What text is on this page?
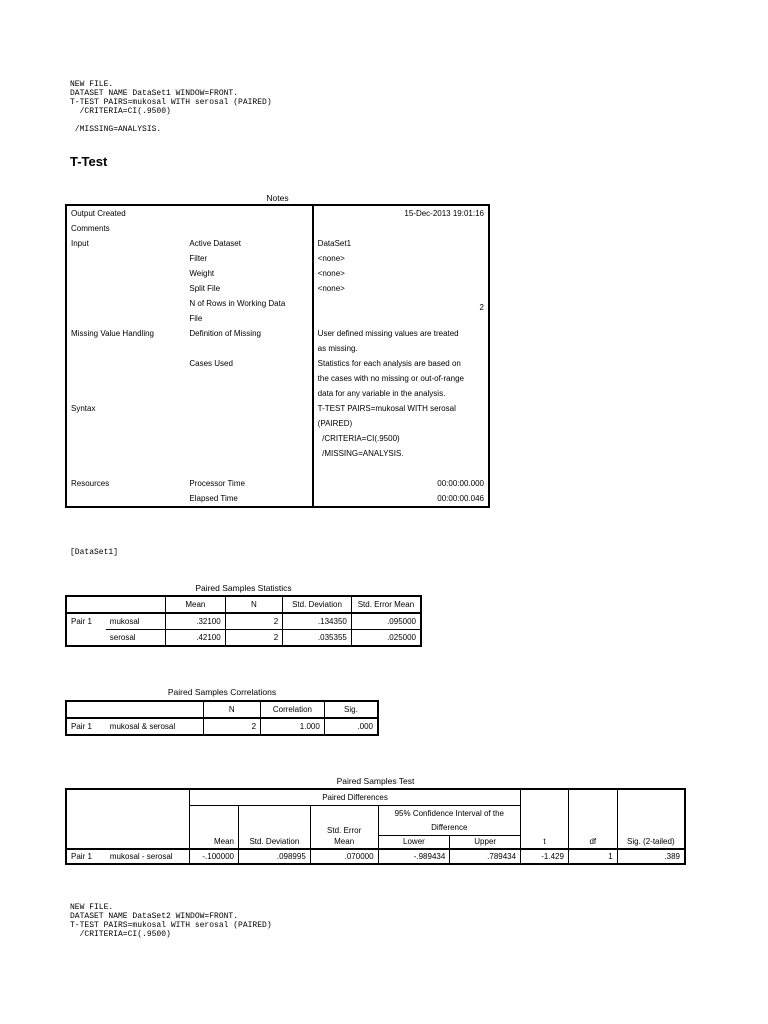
NEW FILE.
DATASET NAME DataSet1 WINDOW=FRONT.
T-TEST PAIRS=mukosal WITH serosal (PAIRED)
/CRITERIA=CI(.9500)

/MISSING=ANALYSIS.
T-Test
Notes
Output Created		15-Dec-2013 19:01:16
Comments		
Input	Active Dataset	DataSet1
	Filter	<none>
	Weight	<none>
	Split File	<none>
	N of Rows in Working Data	
	File	2
Missing Value Handling	Definition of Missing	User defined missing values are treated
		as missing.
	Cases Used	Statistics for each analysis are based on
		the cases with no missing or out-of-range
		data for any variable in the analysis.
Syntax		T-TEST PAIRS=mukosal WITH serosal
		(PAIRED)
		/CRITERIA=CI(.9500)
		/MISSING=ANALYSIS.

Resources	Processor Time	00:00:00.000
	Elapsed Time	00:00:00.046
[DataSet1]
Paired Samples Statistics
		Mean	N	Std. Deviation	Std. Error Mean
Pair 1	mukosal	.32100	2	.134350	.095000
	serosal	.42100	2	.035355	.025000
Paired Samples Correlations
		N	Correlation	Sig.
Pair 1	mukosal & serosal	2	1.000	.000
Paired Samples Test
		Paired Differences							
				Std. Error	95% Confidence Interval of the				
					Difference				
		Mean	Std. Deviation	Mean	Lower	Upper	t	df	Sig. (2-tailed)
Pair 1	mukosal - serosal	-.100000	.098995	.070000	-.989434	.789434	-1.429	1	.389
NEW FILE.
DATASET NAME DataSet2 WINDOW=FRONT.
T-TEST PAIRS=mukosal WITH serosal (PAIRED)
/CRITERIA=CI(.9500)
